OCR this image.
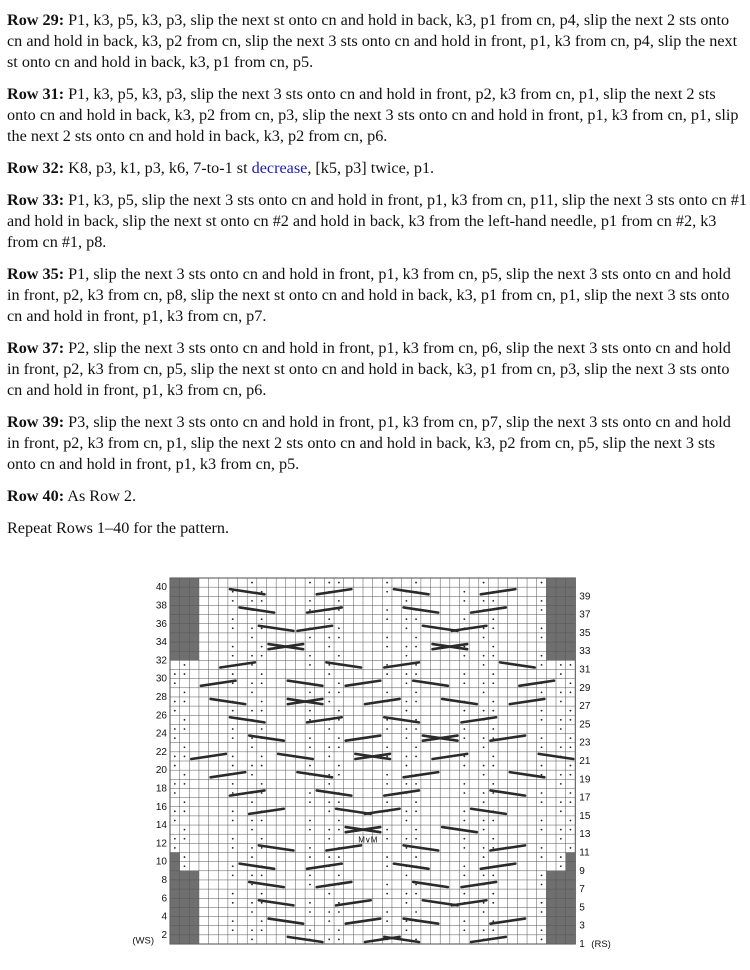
Row 29: P1, k3, p5, k3, p3, slip the next st onto cn and hold in back, k3, p1 from cn, p4, slip the next 2 sts onto cn and hold in back, k3, p2 from cn, slip the next 3 sts onto cn and hold in front, p1, k3 from cn, p4, slip the next st onto cn and hold in back, k3, p1 from cn, p5.

Row 31: P1, k3, p5, k3, p3, slip the next 3 sts onto cn and hold in front, p2, k3 from cn, p1, slip the next 2 sts onto cn and hold in back, k3, p2 from cn, p3, slip the next 3 sts onto cn and hold in front, p1, k3 from cn, p1, slip the next 2 sts onto cn and hold in back, k3, p2 from cn, p6.

Row 32: K8, p3, k1, p3, k6, 7-to-1 st decrease, [k5, p3] twice, p1.

Row 33: P1, k3, p5, slip the next 3 sts onto cn and hold in front, p1, k3 from cn, p11, slip the next 3 sts onto cn #1 and hold in back, slip the next st onto cn #2 and hold in back, k3 from the left-hand needle, p1 from cn #2, k3 from cn #1, p8.

Row 35: P1, slip the next 3 sts onto cn and hold in front, p1, k3 from cn, p5, slip the next 3 sts onto cn and hold in front, p2, k3 from cn, p8, slip the next st onto cn and hold in back, k3, p1 from cn, p1, slip the next 3 sts onto cn and hold in front, p1, k3 from cn, p7.

Row 37: P2, slip the next 3 sts onto cn and hold in front, p1, k3 from cn, p6, slip the next 3 sts onto cn and hold in front, p2, k3 from cn, p5, slip the next st onto cn and hold in back, k3, p1 from cn, p3, slip the next 3 sts onto cn and hold in front, p1, k3 from cn, p6.

Row 39: P3, slip the next 3 sts onto cn and hold in front, p1, k3 from cn, p7, slip the next 3 sts onto cn and hold in front, p2, k3 from cn, p1, slip the next 2 sts onto cn and hold in back, k3, p2 from cn, p5, slip the next 3 sts onto cn and hold in front, p1, k3 from cn, p5.

Row 40: As Row 2.

Repeat Rows 1–40 for the pattern.

M∨M
40
38
36
34
32
30
28
26
24
22
20
18
16
14
12
10
8
6
4
2
(WS)
39
37
35
33
31
29
27
25
23
21
19
17
15
13
11
9
7
5
3
1 (RS)
